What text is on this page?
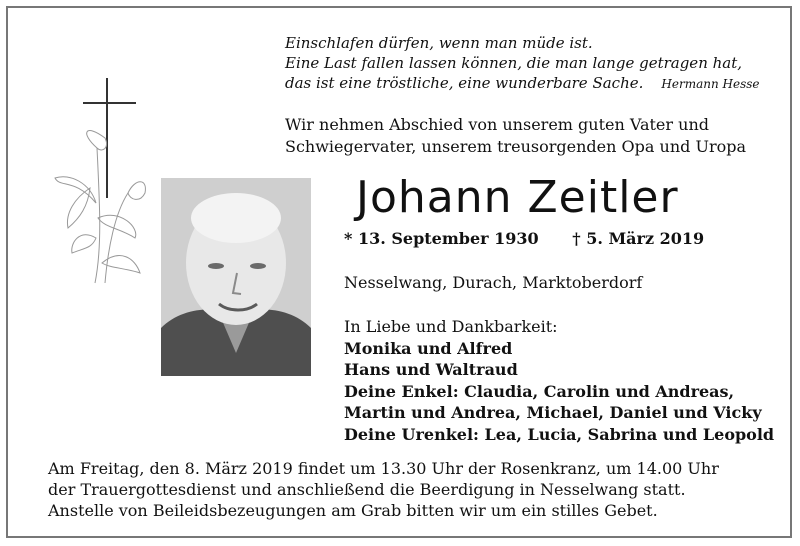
Einschlafen dürfen, wenn man müde ist.
Eine Last fallen lassen können, die man lange getragen hat,
das ist eine tröstliche, eine wunderbare Sache. Hermann Hesse
Wir nehmen Abschied von unserem guten Vater und
Schwiegervater, unserem treusorgenden Opa und Uropa
Johann Zeitler
* 13. September 1930 † 5. März 2019
Nesselwang, Durach, Marktoberdorf
In Liebe und Dankbarkeit:
Monika und Alfred
Hans und Waltraud
Deine Enkel: Claudia, Carolin und Andreas,
Martin und Andrea, Michael, Daniel und Vicky
Deine Urenkel: Lea, Lucia, Sabrina und Leopold
Am Freitag, den 8. März 2019 findet um 13.30 Uhr der Rosenkranz, um 14.00 Uhr
der Trauergottesdienst und anschließend die Beerdigung in Nesselwang statt.
Anstelle von Beileidsbezeugungen am Grab bitten wir um ein stilles Gebet.
